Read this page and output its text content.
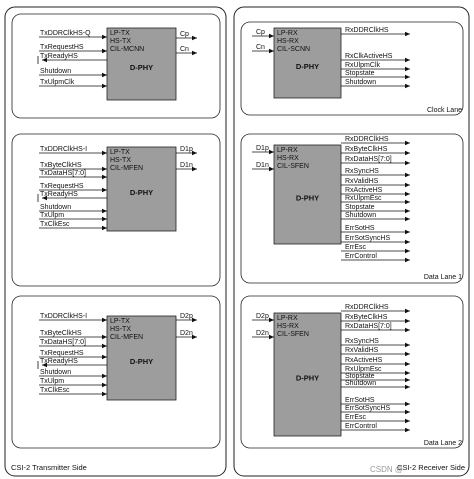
Clock Lane
LP-TX
HS-TX
CIL-MCNN
D-PHY
TxDDRClkHS-Q
TxRequestHS
TxReadyHS
Shutdown
TxUlpmClk
Cp
Cn
LP-RX
HS-RX
CIL-SCNN
D-PHY
Cp
Cn
RxDDRClkHS
RxClkActiveHS
RxUlpmClk
Stopstate
Shutdown
Data Lane 1
LP-TX
HS-TX
CIL-MFEN
D-PHY
TxDDRClkHS-I
TxByteClkHS
TxDataHS[7:0]
TxRequestHS
TxReadyHS
Shutdown
TxUlpm
TxClkEsc
D1p
D1n
LP-RX
HS-RX
CIL-SFEN
D-PHY
D1p
D1n
RxDDRClkHS
RxByteClkHS
RxDataHS[7:0]
RxSyncHS
RxValidHS
RxActiveHS
RxUlpmEsc
Stopstate
Shutdown
ErrSotHS
ErrSotSyncHS
ErrEsc
ErrControl
Data Lane 2
LP-TX
HS-TX
CIL-MFEN
D-PHY
TxDDRClkHS-I
TxByteClkHS
TxDataHS[7:0]
TxRequestHS
TxReadyHS
Shutdown
TxUlpm
TxClkEsc
D2p
D2n
LP-RX
HS-RX
CIL-SFEN
D-PHY
D2p
D2n
RxDDRClkHS
RxByteClkHS
RxDataHS[7:0]
RxSyncHS
RxValidHS
RxActiveHS
RxUlpmEsc
Stopstate
Shutdown
ErrSotHS
ErrSotSyncHS
ErrEsc
ErrControl
CSI-2 Transmitter Side	CSI-2 Receiver Side
CSDN @
